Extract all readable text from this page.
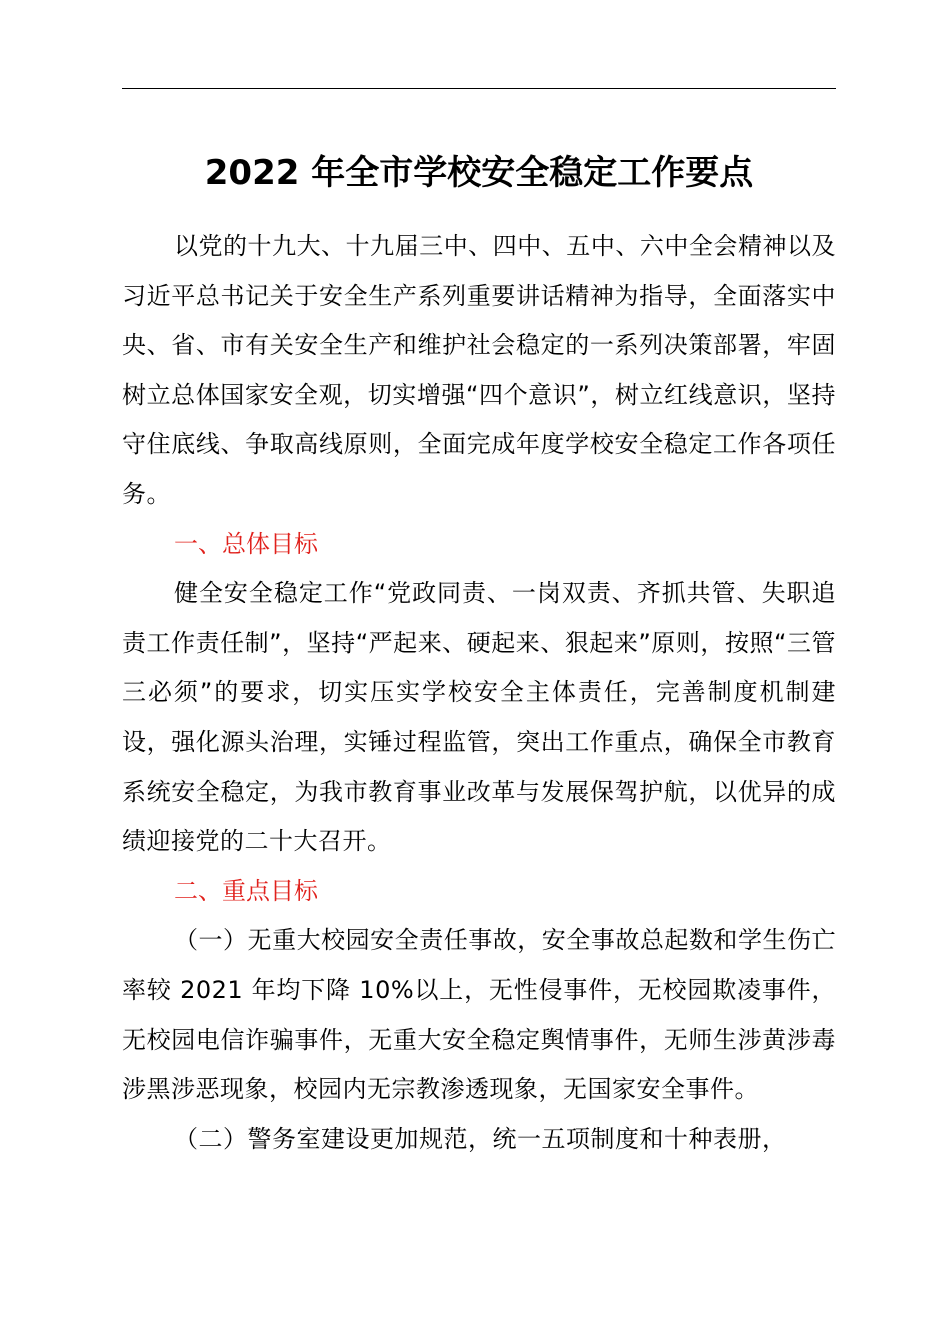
2022 年全市学校安全稳定工作要点

以党的十九大、十九届三中、四中、五中、六中全会精神以及习近平总书记关于安全生产系列重要讲话精神为指导，全面落实中央、省、市有关安全生产和维护社会稳定的一系列决策部署，牢固树立总体国家安全观，切实增强“四个意识”，树立红线意识，坚持守住底线、争取高线原则，全面完成年度学校安全稳定工作各项任务。

一、总体目标

健全安全稳定工作“党政同责、一岗双责、齐抓共管、失职追责工作责任制”，坚持“严起来、硬起来、狠起来”原则，按照“三管三必须”的要求，切实压实学校安全主体责任，完善制度机制建设，强化源头治理，实锤过程监管，突出工作重点，确保全市教育系统安全稳定，为我市教育事业改革与发展保驾护航，以优异的成绩迎接党的二十大召开。

二、重点目标

（一）无重大校园安全责任事故，安全事故总起数和学生伤亡率较 2021 年均下降 10%以上，无性侵事件，无校园欺凌事件，无校园电信诈骗事件，无重大安全稳定舆情事件，无师生涉黄涉毒涉黑涉恶现象，校园内无宗教渗透现象，无国家安全事件。

（二）警务室建设更加规范，统一五项制度和十种表册，
